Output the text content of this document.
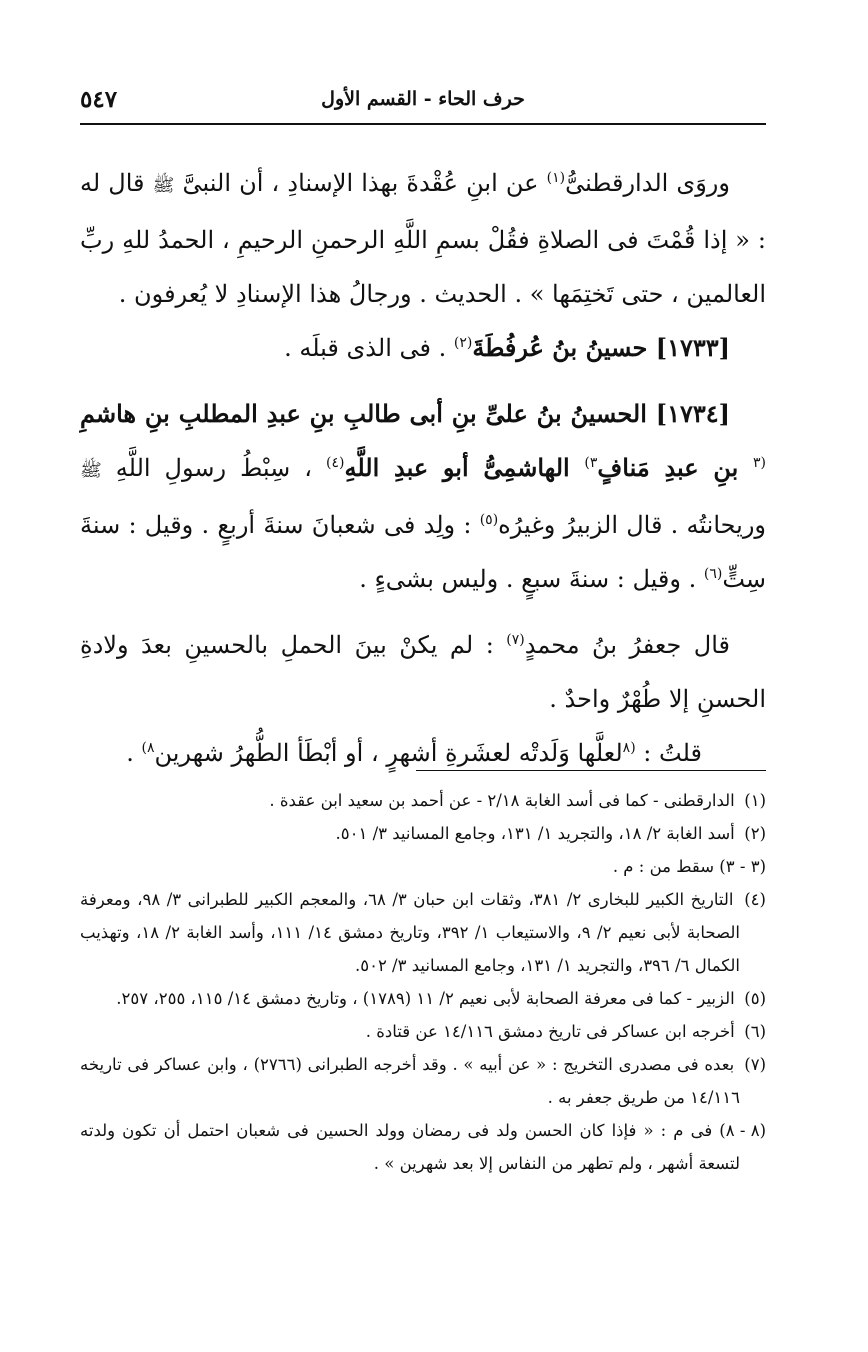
٥٤٧	حرف الحاء - القسم الأول

وروَى الدارقطنىُّ$^{(١)}$ عن ابنِ عُقْدةَ بهذا الإسنادِ ، أن النبىَّ ﷺ قال له : « إذا قُمْتَ فى الصلاةِ فقُلْ بسمِ اللَّهِ الرحمنِ الرحيمِ ، الحمدُ للهِ ربِّ العالمين ، حتى تَختِمَها » . الحديث . ورجالُ هذا الإسنادِ لا يُعرفون .

[١٧٣٣] حسينُ بنُ عُرفُطَةَ$^{(٢)}$ . فى الذى قبلَه .

[١٧٣٤] الحسينُ بنُ علىِّ بنِ أبى طالبِ بنِ عبدِ المطلبِ بنِ هاشمِ $^{(٣}$ بنِ عبدِ مَنافٍ$^{٣)}$ الهاشمِىُّ أبو عبدِ اللَّهِ$^{(٤)}$ ، سِبْطُ رسولِ اللَّهِ ﷺ وريحانتُه . قال الزبيرُ وغيرُه$^{(٥)}$ : ولِد فى شعبانَ سنةَ أربعٍ . وقيل : سنةَ سِتٍّ$^{(٦)}$ . وقيل : سنةَ سبعٍ . وليس بشىءٍ .

قال جعفرُ بنُ محمدٍ$^{(٧)}$ : لم يكنْ بينَ الحملِ بالحسينِ بعدَ ولادةِ الحسنِ إلا طُهْرٌ واحدٌ .

قلتُ : $^{(٨}$لعلَّها وَلَدتْه لعشَرةِ أشهرٍ ، أو أبْطَأ الطُّهرُ شهرين$^{٨)}$ .

(١) الدارقطنى - كما فى أسد الغابة ٢/١٨ - عن أحمد بن سعيد ابن عقدة .

(٢) أسد الغابة ٢/ ١٨، والتجريد ١/ ١٣١، وجامع المسانيد ٣/ ٥٠١.

(٣ - ٣) سقط من : م .

(٤) التاريخ الكبير للبخارى ٢/ ٣٨١، وثقات ابن حبان ٣/ ٦٨، والمعجم الكبير للطبرانى ٣/ ٩٨، ومعرفة الصحابة لأبى نعيم ٢/ ٩، والاستيعاب ١/ ٣٩٢، وتاريخ دمشق ١٤/ ١١١، وأسد الغابة ٢/ ١٨، وتهذيب الكمال ٦/ ٣٩٦، والتجريد ١/ ١٣١، وجامع المسانيد ٣/ ٥٠٢.

(٥) الزبير - كما فى معرفة الصحابة لأبى نعيم ٢/ ١١ (١٧٨٩) ، وتاريخ دمشق ١٤/ ١١٥، ٢٥٥، ٢٥٧.

(٦) أخرجه ابن عساكر فى تاريخ دمشق ١٤/١١٦ عن قتادة .

(٧) بعده فى مصدرى التخريج : « عن أبيه » . وقد أخرجه الطبرانى (٢٧٦٦) ، وابن عساكر فى تاريخه ١٤/١١٦ من طريق جعفر به .

(٨ - ٨) فى م : « فإذا كان الحسن ولد فى رمضان وولد الحسين فى شعبان احتمل أن تكون ولدته لتسعة أشهر ، ولم تطهر من النفاس إلا بعد شهرين » .
